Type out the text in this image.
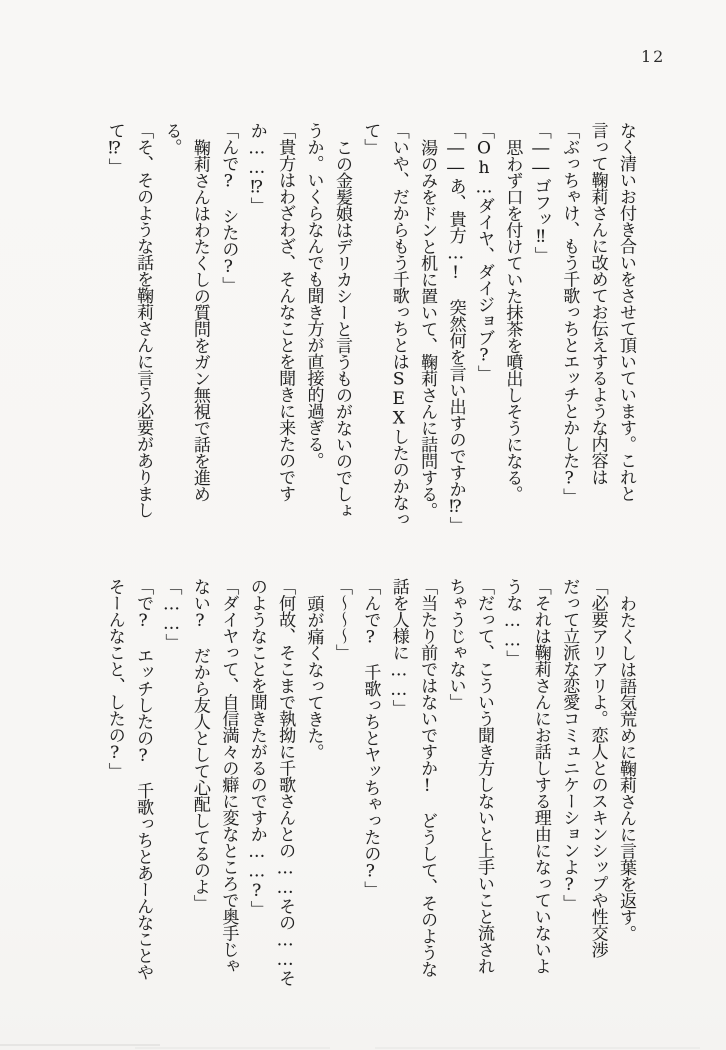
12

なく清いお付き合いをさせて頂いています。これと言って鞠莉さんに改めてお伝えするような内容は

「ぶっちゃけ、もう千歌っちとエッチとかした?」

「――ゴフッ‼」

思わず口を付けていた抹茶を噴出しそうになる。

「Oh…ダイヤ、ダイジョブ?」

「――あ、貴方…!　突然何を言い出すのですか⁉」

湯のみをドンと机に置いて、鞠莉さんに詰問する。

「いや、だからもう千歌っちとはSEXしたのかなって」

この金髪娘はデリカシーと言うものがないのでしょうか。いくらなんでも聞き方が直接的過ぎる。

「貴方はわざわざ、そんなことを聞きに来たのですか……⁉」

「んで?　シたの?」

鞠莉さんはわたくしの質問をガン無視で話を進める。

「そ、そのような話を鞠莉さんに言う必要がありまして⁉」

わたくしは語気荒めに鞠莉さんに言葉を返す。

「必要アリアリよ。恋人とのスキンシップや性交渉だって立派な恋愛コミュニケーションよ?」

「それは鞠莉さんにお話しする理由になっていないような……」

「だって、こういう聞き方しないと上手いこと流されちゃうじゃない」

「当たり前ではないですか!　どうして、そのような話を人様に……」

「んで?　千歌っちとヤッちゃったの?」

「〜〜〜」

頭が痛くなってきた。

「何故、そこまで執拗に千歌さんとの……その……そのようなことを聞きたがるのですか……?」

「ダイヤって、自信満々の癖に変なところで奥手じゃない?　だから友人として心配してるのよ」

「……」

「で?　エッチしたの?　千歌っちとあーんなことやそーんなこと、したの?」
